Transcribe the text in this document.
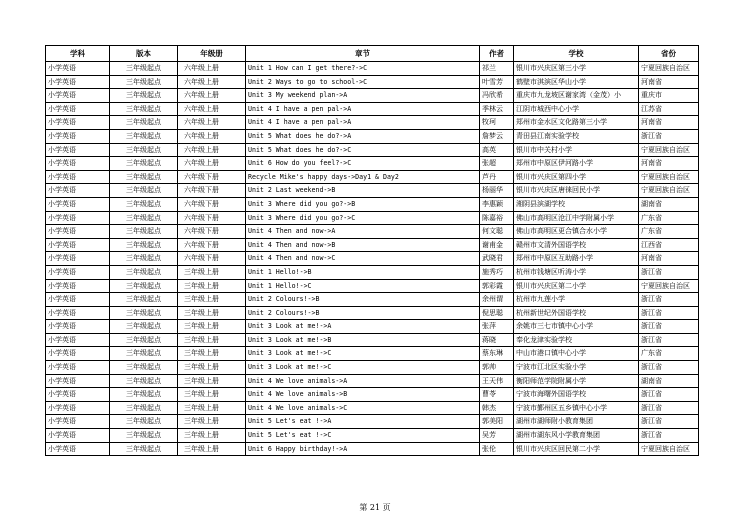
学科	版本	年级册	章节	作者	学校	省份
小学英语	三年级起点	六年级上册	Unit 1 How can I get there?->C	祁兰	银川市兴庆区第三小学	宁夏回族自治区
小学英语	三年级起点	六年级上册	Unit 2 Ways to go to school->C	叶雪芳	鹤壁市淇滨区华山小学	河南省
小学英语	三年级起点	六年级上册	Unit 3 My weekend plan->A	冯欣希	重庆市九龙坡区谢家湾（金茂）小	重庆市
小学英语	三年级起点	六年级上册	Unit 4 I have a pen pal->A	季林云	江阴市城西中心小学	江苏省
小学英语	三年级起点	六年级上册	Unit 4 I have a pen pal->A	牧珂	郑州市金水区文化路第三小学	河南省
小学英语	三年级起点	六年级上册	Unit 5 What does he do?->A	詹梦云	青田县江南实验学校	浙江省
小学英语	三年级起点	六年级上册	Unit 5 What does he do?->C	高英	银川市中关村小学	宁夏回族自治区
小学英语	三年级起点	六年级上册	Unit 6 How do you feel?->C	张超	郑州市中原区伊河路小学	河南省
小学英语	三年级起点	六年级下册	Recycle Mike's happy days->Day1 & Day2	芦丹	银川市兴庆区第四小学	宁夏回族自治区
小学英语	三年级起点	六年级下册	Unit 2 Last weekend->B	杨丽华	银川市兴庆区唐徕回民小学	宁夏回族自治区
小学英语	三年级起点	六年级下册	Unit 3 Where did you go?->B	李惠颖	湘阴县滨湖学校	湖南省
小学英语	三年级起点	六年级下册	Unit 3 Where did you go?->C	陈嘉裕	佛山市高明区沧江中学附属小学	广东省
小学英语	三年级起点	六年级下册	Unit 4 Then and now->A	何文聪	佛山市高明区更合镇合水小学	广东省
小学英语	三年级起点	六年级下册	Unit 4 Then and now->B	谢甫金	赣州市文清外国语学校	江西省
小学英语	三年级起点	六年级下册	Unit 4 Then and now->C	武晓君	郑州市中原区互助路小学	河南省
小学英语	三年级起点	三年级上册	Unit 1 Hello!->B	施秀巧	杭州市钱塘区听涛小学	浙江省
小学英语	三年级起点	三年级上册	Unit 1 Hello!->C	郭彩霞	银川市兴庆区第二小学	宁夏回族自治区
小学英语	三年级起点	三年级上册	Unit 2 Colours!->B	余州谓	杭州市九莲小学	浙江省
小学英语	三年级起点	三年级上册	Unit 2 Colours!->B	倪思聪	杭州新世纪外国语学校	浙江省
小学英语	三年级起点	三年级上册	Unit 3 Look at me!->A	张萍	余姚市三七市镇中心小学	浙江省
小学英语	三年级起点	三年级上册	Unit 3 Look at me!->B	蒋晓	奉化龙津实验学校	浙江省
小学英语	三年级起点	三年级上册	Unit 3 Look at me!->C	蔡东琳	中山市港口镇中心小学	广东省
小学英语	三年级起点	三年级上册	Unit 3 Look at me!->C	郭帅	宁波市江北区实验小学	浙江省
小学英语	三年级起点	三年级上册	Unit 4 We love animals->A	王天伟	衡阳师范学院附属小学	湖南省
小学英语	三年级起点	三年级上册	Unit 4 We love animals->B	曹苓	宁波市海曙外国语学校	浙江省
小学英语	三年级起点	三年级上册	Unit 4 We love animals->C	韩杰	宁波市鄞州区五乡镇中心小学	浙江省
小学英语	三年级起点	三年级上册	Unit 5 Let's eat !->A	郭美阳	湖州市湖师附小教育集团	浙江省
小学英语	三年级起点	三年级上册	Unit 5 Let's eat !->C	吴芳	湖州市湖东风小学教育集团	浙江省
小学英语	三年级起点	三年级上册	Unit 6 Happy birthday!->A	张伦	银川市兴庆区回民第二小学	宁夏回族自治区
第 21 页
